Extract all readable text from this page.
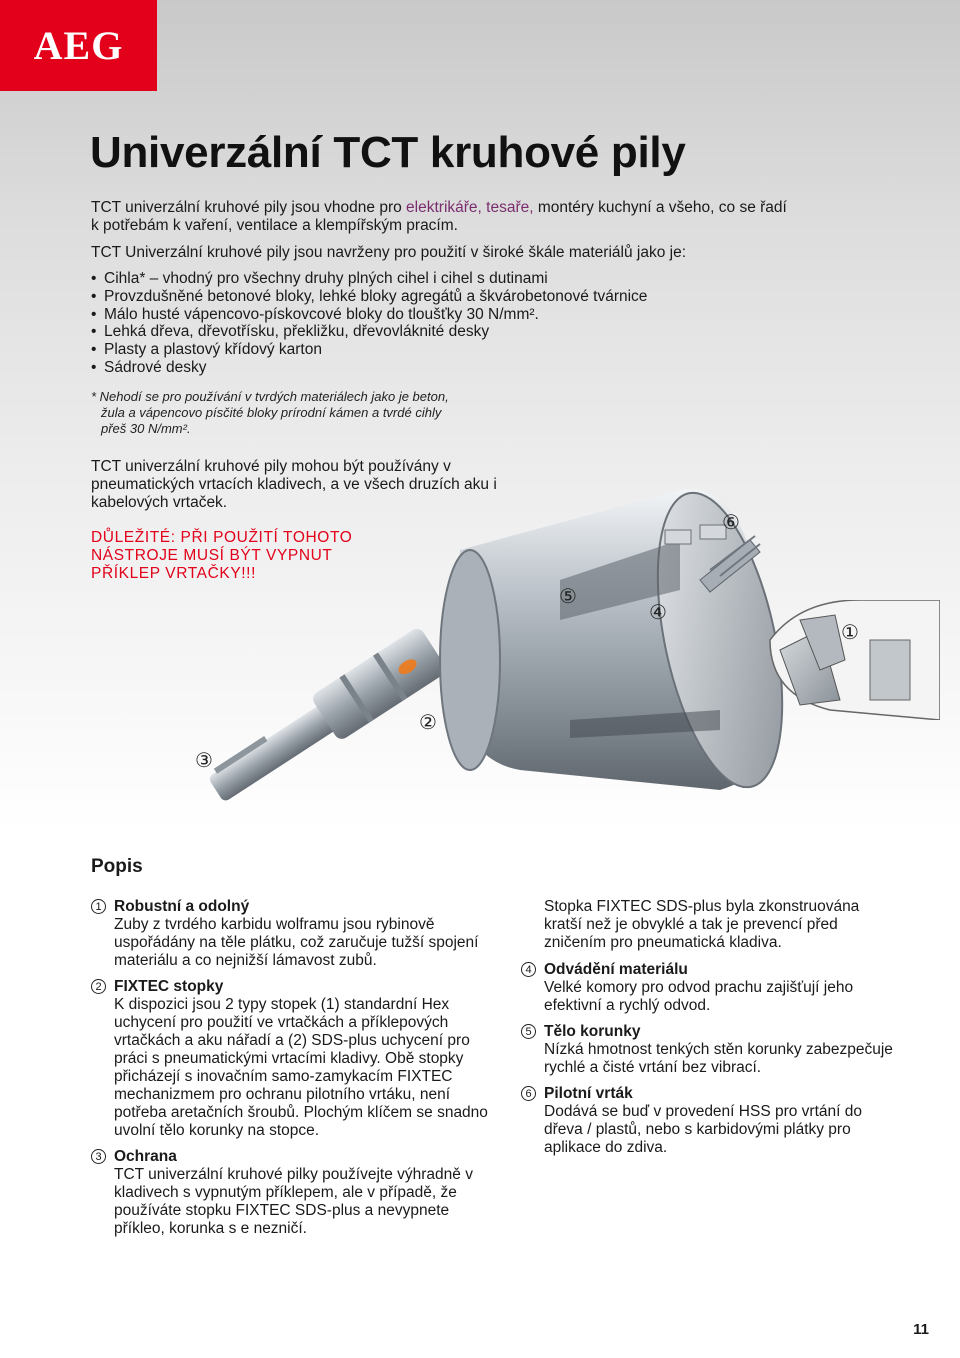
AEG
Univerzální TCT kruhové pily

TCT univerzální kruhové pily jsou vhodne pro elektrikáře, tesaře, montéry kuchyní a všeho, co se řadí k potřebám k vaření, ventilace a klempířským pracím.

TCT Univerzální kruhové pily jsou navrženy pro použití v široké škále materiálů jako je:

• Cihla* – vhodný pro všechny druhy plných cihel i cihel s dutinami
• Provzdušněné betonové bloky, lehké bloky agregátů a škvárobetonové tvárnice
• Málo husté vápencovo-pískovcové bloky do tloušťky 30 N/mm².
• Lehká dřeva, dřevotřísku, překližku, dřevovláknité desky
• Plasty a plastový křídový karton
• Sádrové desky

* Nehodí se pro používání v tvrdých materiálech jako je beton,
žula a vápencovo písčité bloky prírodní kámen a tvrdé cihly
přeš 30 N/mm².

TCT univerzální kruhové pily mohou být používány v pneumatických vrtacích kladivech, a ve všech druzích aku i kabelových vrtaček.

DŮLEŽITÉ: PŘI POUŽITÍ TOHOTO
NÁSTROJE MUSÍ BÝT VYPNUT
PŘÍKLEP VRTAČKY!!!

⑥
⑤
④
①
②
③
Popis
1 Robustní a odolný
Zuby z tvrdého karbidu wolframu jsou rybinově uspořádány na těle plátku, což zaručuje tužší spojení materiálu a co nejnižší lámavost zubů.
2 FIXTEC stopky
K dispozici jsou 2 typy stopek (1) standardní Hex uchycení pro použití ve vrtačkách a příklepových vrtačkách a aku nářadí a (2) SDS-plus uchycení pro práci s pneumatickými vrtacími kladivy. Obě stopky přicházejí s inovačním samo-zamykacím FIXTEC mechanizmem pro ochranu pilotního vrtáku, není potřeba aretačních šroubů. Plochým klíčem se snadno uvolní tělo korunky na stopce.
3 Ochrana
TCT univerzální kruhové pilky používejte výhradně v kladivech s vypnutým příklepem, ale v případě, že používáte stopku FIXTEC SDS-plus a nevypnete příkleo, korunka s e nezničí.
Stopka FIXTEC SDS-plus byla zkonstruována kratší než je obvyklé a tak je prevencí před zničením pro pneumatická kladiva.
4 Odvádění materiálu
Velké komory pro odvod prachu zajišťují jeho efektivní a rychlý odvod.
5 Tělo korunky
Nízká hmotnost tenkých stěn korunky zabezpečuje rychlé a čisté vrtání bez vibrací.
6 Pilotní vrták
Dodává se buď v provedení HSS pro vrtání do dřeva / plastů, nebo s karbidovými plátky pro aplikace do zdiva.
11
